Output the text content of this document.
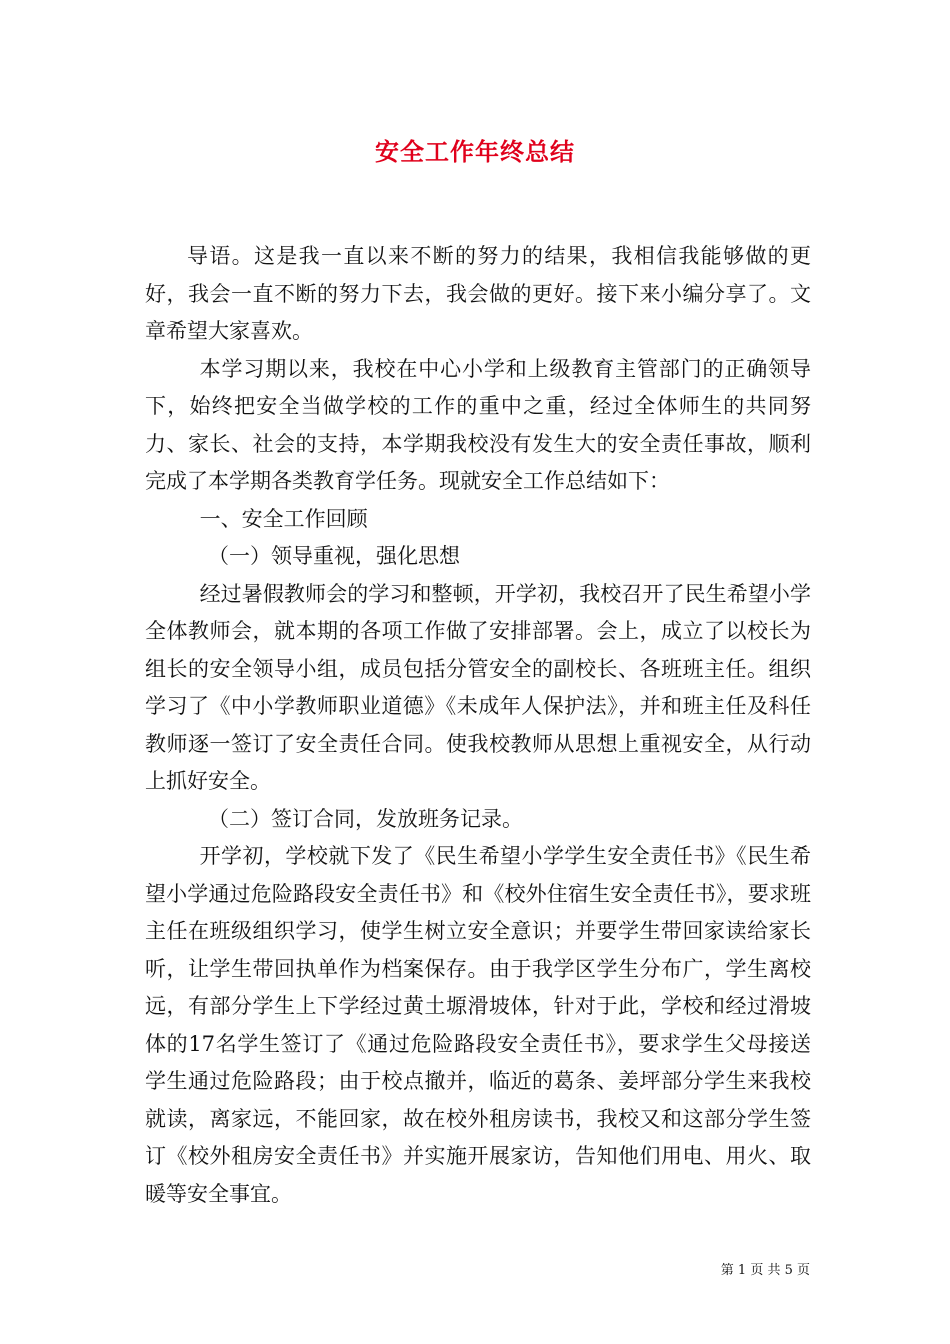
安全工作年终总结

导语。这是我一直以来不断的努力的结果，我相信我能够做的更好，我会一直不断的努力下去，我会做的更好。接下来小编分享了。文章希望大家喜欢。

本学习期以来，我校在中心小学和上级教育主管部门的正确领导下，始终把安全当做学校的工作的重中之重，经过全体师生的共同努力、家长、社会的支持，本学期我校没有发生大的安全责任事故，顺利完成了本学期各类教育学任务。现就安全工作总结如下：

一、安全工作回顾

（一）领导重视，强化思想

经过暑假教师会的学习和整顿，开学初，我校召开了民生希望小学全体教师会，就本期的各项工作做了安排部署。会上，成立了以校长为组长的安全领导小组，成员包括分管安全的副校长、各班班主任。组织学习了《中小学教师职业道德》《未成年人保护法》，并和班主任及科任教师逐一签订了安全责任合同。使我校教师从思想上重视安全，从行动上抓好安全。

（二）签订合同，发放班务记录。

开学初，学校就下发了《民生希望小学学生安全责任书》《民生希望小学通过危险路段安全责任书》和《校外住宿生安全责任书》，要求班主任在班级组织学习，使学生树立安全意识；并要学生带回家读给家长听，让学生带回执单作为档案保存。由于我学区学生分布广，学生离校远，有部分学生上下学经过黄土塬滑坡体，针对于此，学校和经过滑坡体的17名学生签订了《通过危险路段安全责任书》，要求学生父母接送学生通过危险路段；由于校点撤并，临近的葛条、姜坪部分学生来我校就读，离家远，不能回家，故在校外租房读书，我校又和这部分学生签订《校外租房安全责任书》并实施开展家访，告知他们用电、用火、取暖等安全事宜。

第 1 页 共 5 页
